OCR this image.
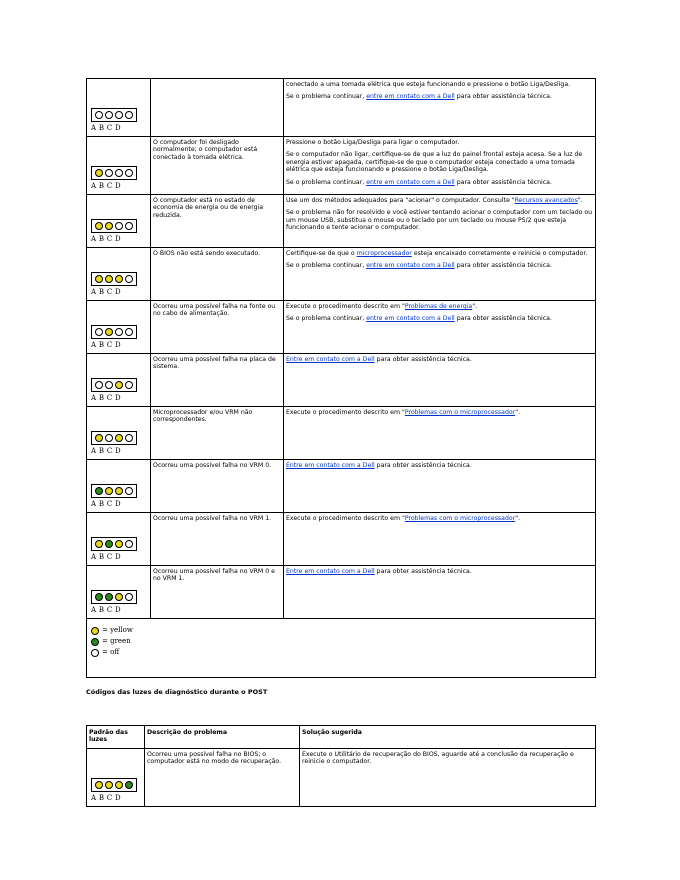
A B C D		conectado a uma tomada elétrica que esteja funcionando e pressione o botão Liga/Desliga.

Se o problema continuar, entre em contato com a Dell para obter assistência técnica.

A B C D	O computador foi desligado normalmente; o computador está conectado à tomada elétrica.	Pressione o botão Liga/Desliga para ligar o computador.

Se o computador não ligar, certifique-se de que a luz do painel frontal esteja acesa. Se a luz de energia estiver apagada, certifique-se de que o computador esteja conectado a uma tomada elétrica que esteja funcionando e pressione o botão Liga/Desliga.

Se o problema continuar, entre em contato com a Dell para obter assistência técnica.

A B C D	O computador está no estado de economia de energia ou de energia reduzida.	Use um dos métodos adequados para "acionar" o computador. Consulte "Recursos avançados".

Se o problema não for resolvido e você estiver tentando acionar o computador com um teclado ou um mouse USB, substitua o mouse ou o teclado por um teclado ou mouse PS/2 que esteja funcionando e tente acionar o computador.

A B C D	O BIOS não está sendo executado.	Certifique-se de que o microprocessador esteja encaixado corretamente e reinicie o computador.

Se o problema continuar, entre em contato com a Dell para obter assistência técnica.

A B C D	Ocorreu uma possível falha na fonte ou no cabo de alimentação.	Execute o procedimento descrito em "Problemas de energia".

Se o problema continuar, entre em contato com a Dell para obter assistência técnica.

A B C D	Ocorreu uma possível falha na placa de sistema.	Entre em contato com a Dell para obter assistência técnica.

A B C D	Microprocessador e/ou VRM não correspondentes.	Execute o procedimento descrito em "Problemas com o microprocessador".

A B C D	Ocorreu uma possível falha no VRM 0.	Entre em contato com a Dell para obter assistência técnica.

A B C D	Ocorreu uma possível falha no VRM 1.	Execute o procedimento descrito em "Problemas com o microprocessador".

A B C D	Ocorreu uma possível falha no VRM 0 e no VRM 1.	Entre em contato com a Dell para obter assistência técnica.

= yellow
= green
= off		
Códigos das luzes de diagnóstico durante o POST
Padrão das luzes	Descrição do problema	Solução sugerida

A B C D	Ocorreu uma possível falha no BIOS; o computador está no modo de recuperação.	Execute o Utilitário de recuperação do BIOS, aguarde até a conclusão da recuperação e reinicie o computador.
